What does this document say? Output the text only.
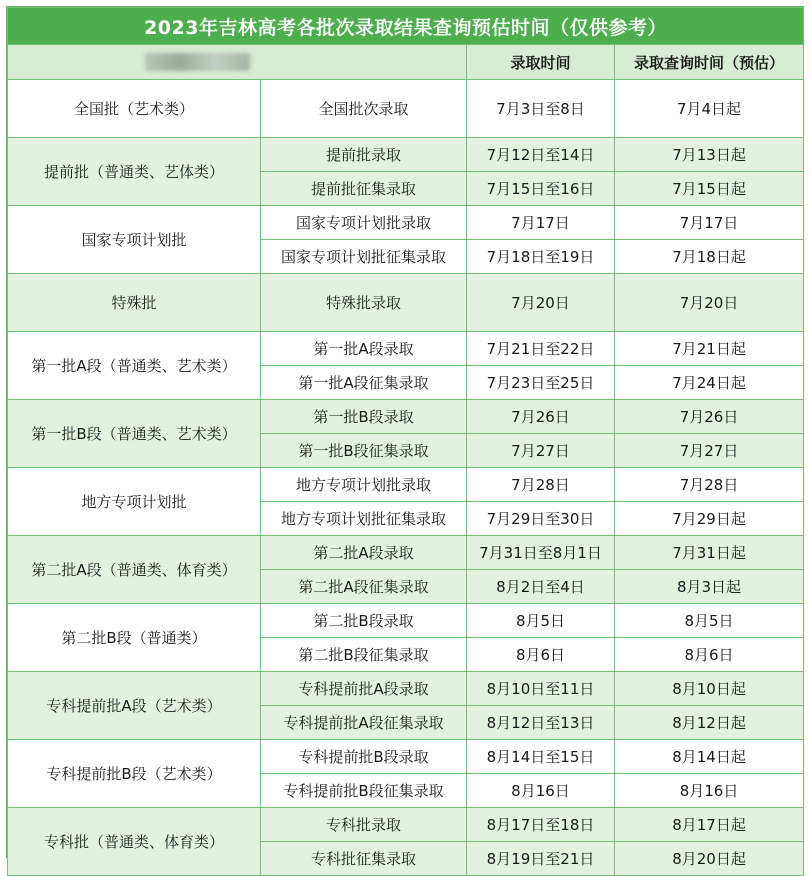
2023年吉林高考各批次录取结果查询预估时间（仅供参考）			
		录取时间	录取查询时间（预估）
全国批（艺术类）	全国批次录取	7月3日至8日	7月4日起
提前批（普通类、艺体类）	提前批录取	7月12日至14日	7月13日起
	提前批征集录取	7月15日至16日	7月15日起
国家专项计划批	国家专项计划批录取	7月17日	7月17日
	国家专项计划批征集录取	7月18日至19日	7月18日起
特殊批	特殊批录取	7月20日	7月20日
第一批A段（普通类、艺术类）	第一批A段录取	7月21日至22日	7月21日起
	第一批A段征集录取	7月23日至25日	7月24日起
第一批B段（普通类、艺术类）	第一批B段录取	7月26日	7月26日
	第一批B段征集录取	7月27日	7月27日
地方专项计划批	地方专项计划批录取	7月28日	7月28日
	地方专项计划批征集录取	7月29日至30日	7月29日起
第二批A段（普通类、体育类）	第二批A段录取	7月31日至8月1日	7月31日起
	第二批A段征集录取	8月2日至4日	8月3日起
第二批B段（普通类）	第二批B段录取	8月5日	8月5日
	第二批B段征集录取	8月6日	8月6日
专科提前批A段（艺术类）	专科提前批A段录取	8月10日至11日	8月10日起
	专科提前批A段征集录取	8月12日至13日	8月12日起
专科提前批B段（艺术类）	专科提前批B段录取	8月14日至15日	8月14日起
	专科提前批B段征集录取	8月16日	8月16日
专科批（普通类、体育类）	专科批录取	8月17日至18日	8月17日起
	专科批征集录取	8月19日至21日	8月20日起
